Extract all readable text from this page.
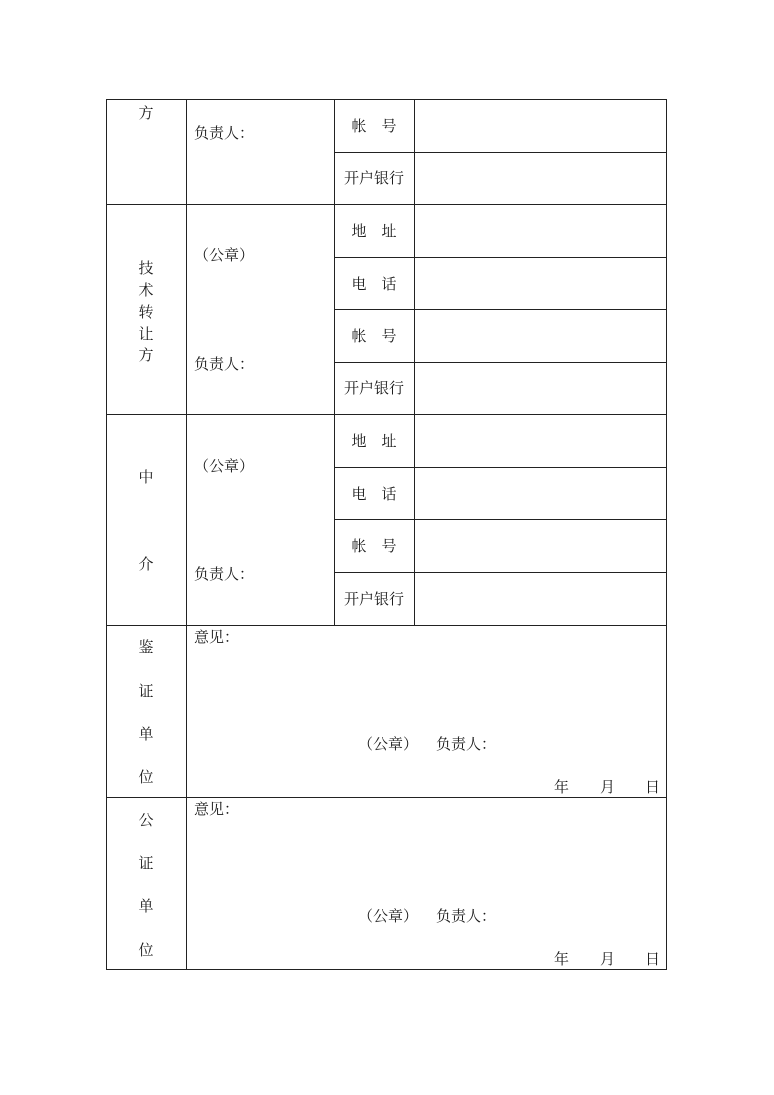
方
负责人：	帐　号
开户银行
技
术
转
让
方
（公章）
负责人：
地　址
电　话
帐　号
开户银行
中
介
（公章）
负责人：
地　址
电　话
帐　号
开户银行
鉴
证
单
位
意见：
（公章） 负责人：
年 月 日
公
证
单
位
意见：
（公章） 负责人：
年 月 日
